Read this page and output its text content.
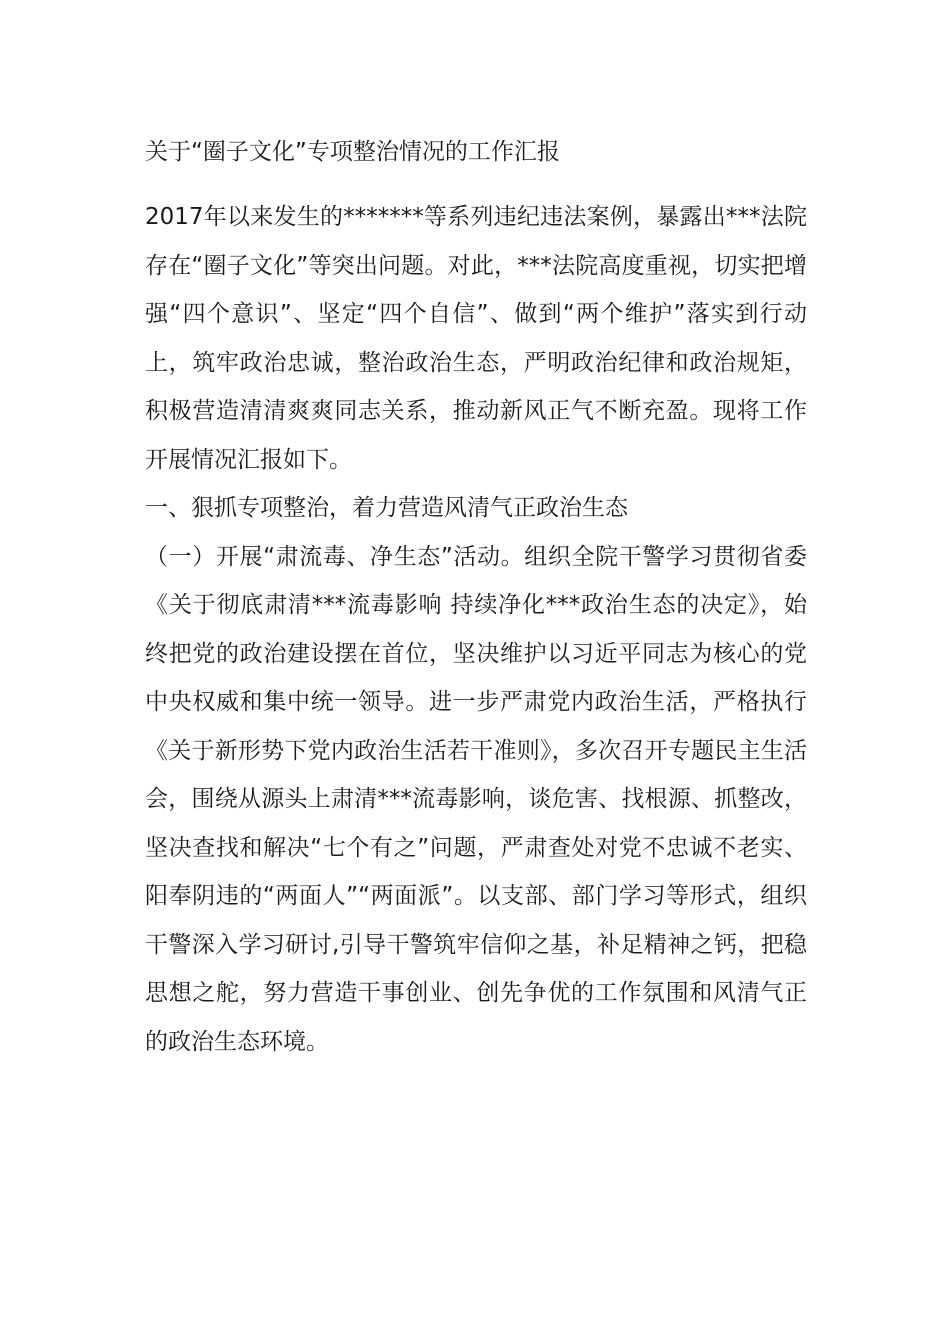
关于“圈子文化”专项整治情况的工作汇报

2017年以来发生的*******等系列违纪违法案例，暴露出***法院存在“圈子文化”等突出问题。对此，***法院高度重视，切实把增强“四个意识”、坚定“四个自信”、做到“两个维护”落实到行动上，筑牢政治忠诚，整治政治生态，严明政治纪律和政治规矩，积极营造清清爽爽同志关系，推动新风正气不断充盈。现将工作开展情况汇报如下。

一、狠抓专项整治，着力营造风清气正政治生态

（一）开展“肃流毒、净生态”活动。组织全院干警学习贯彻省委《关于彻底肃清***流毒影响 持续净化***政治生态的决定》，始终把党的政治建设摆在首位，坚决维护以习近平同志为核心的党中央权威和集中统一领导。进一步严肃党内政治生活，严格执行《关于新形势下党内政治生活若干准则》，多次召开专题民主生活会，围绕从源头上肃清***流毒影响，谈危害、找根源、抓整改，坚决查找和解决“七个有之”问题，严肃查处对党不忠诚不老实、阳奉阴违的“两面人”“两面派”。以支部、部门学习等形式，组织干警深入学习研讨,引导干警筑牢信仰之基，补足精神之钙，把稳思想之舵，努力营造干事创业、创先争优的工作氛围和风清气正的政治生态环境。
